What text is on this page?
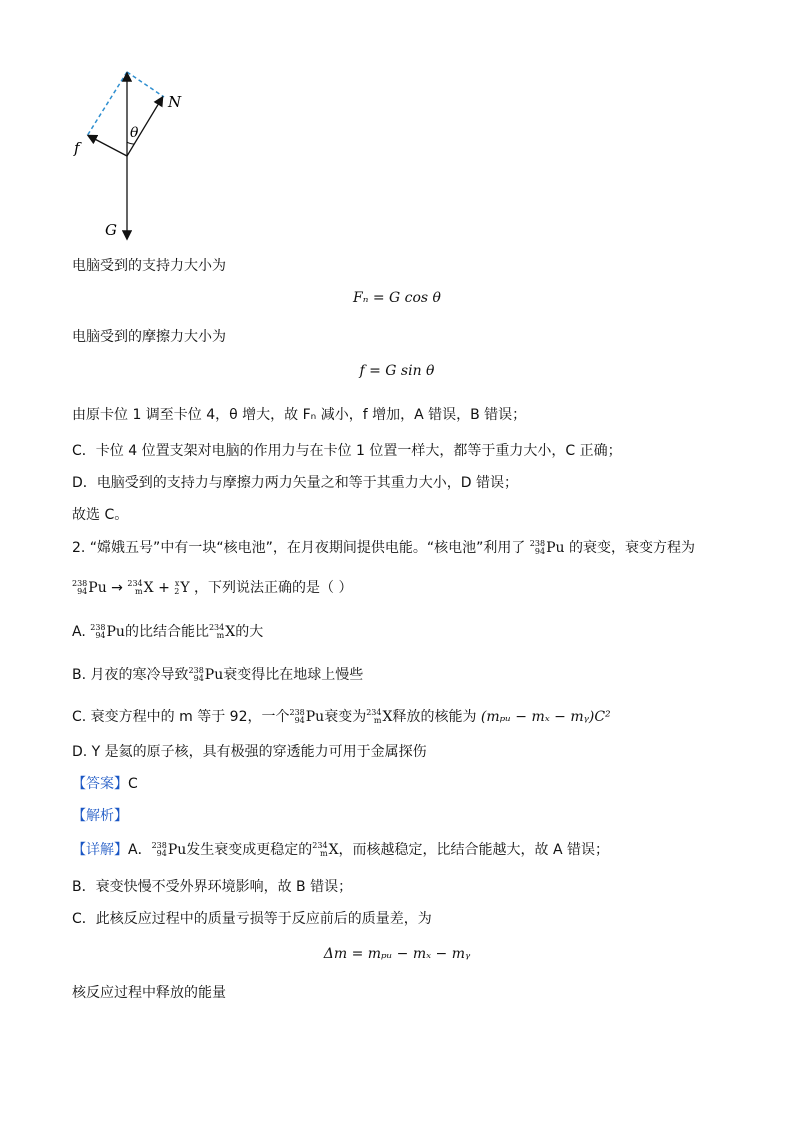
N
θ
f
G
电脑受到的支持力大小为
Fₙ = G cos θ
电脑受到的摩擦力大小为
f = G sin θ
由原卡位 1 调至卡位 4，θ 增大，故 Fₙ 减小，f 增加，A 错误，B 错误；
C．卡位 4 位置支架对电脑的作用力与在卡位 1 位置一样大，都等于重力大小，C 正确；
D．电脑受到的支持力与摩擦力两力矢量之和等于其重力大小，D 错误；
故选 C。
2. “嫦娥五号”中有一块“核电池”，在月夜期间提供电能。“核电池”利用了 238
94 Pu 的衰变，衰变方程为
238
94 Pu → 234
m X + x
2 Y ，下列说法正确的是（ ）
A. 238
94 Pu的比结合能比 234
m X的大
B. 月夜的寒冷导致 238
94 Pu衰变得比在地球上慢些
C. 衰变方程中的 m 等于 92，一个 238
94 Pu衰变为 234
m X释放的核能为 (mₚᵤ − mₓ − mᵧ)C²
D. Y 是氦的原子核，具有极强的穿透能力可用于金属探伤
【答案】C
【解析】
【详解】A． 238
94 Pu发生衰变成更稳定的 234
m X，而核越稳定，比结合能越大，故 A 错误；
B．衰变快慢不受外界环境影响，故 B 错误；
C．此核反应过程中的质量亏损等于反应前后的质量差，为
Δm = mₚᵤ − mₓ − mᵧ
核反应过程中释放的能量
